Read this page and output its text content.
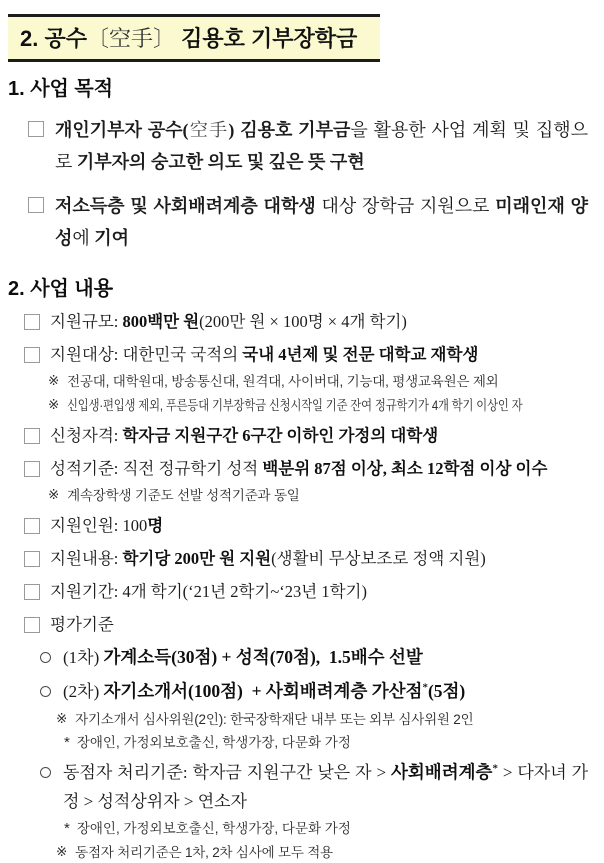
2. 공수〔空手〕 김용호 기부장학금
1. 사업 목적
개인기부자 공수(空手) 김용호 기부금을 활용한 사업 계획 및 집행으로 기부자의 숭고한 의도 및 깊은 뜻 구현
저소득층 및 사회배려계층 대학생 대상 장학금 지원으로 미래인재 양성에 기여
2. 사업 내용
지원규모: 800백만 원(200만 원 × 100명 × 4개 학기)
지원대상: 대한민국 국적의 국내 4년제 및 전문 대학교 재학생
※ 전공대, 대학원대, 방송통신대, 원격대, 사이버대, 기능대, 평생교육원은 제외
※ 신입생·편입생 제외, 푸른등대 기부장학금 신청시작일 기준 잔여 정규학기가 4개 학기 이상인 자
신청자격: 학자금 지원구간 6구간 이하인 가정의 대학생
성적기준: 직전 정규학기 성적 백분위 87점 이상, 최소 12학점 이상 이수
※ 계속장학생 기준도 선발 성적기준과 동일
지원인원: 100명
지원내용: 학기당 200만 원 지원(생활비 무상보조로 정액 지원)
지원기간: 4개 학기(‘21년 2학기~‘23년 1학기)
평가기준
(1차) 가계소득(30점) + 성적(70점),  1.5배수 선발
(2차) 자기소개서(100점)  + 사회배려계층 가산점*(5점)
※ 자기소개서 심사위원(2인): 한국장학재단 내부 또는 외부 심사위원 2인
* 장애인, 가정외보호출신, 학생가장, 다문화 가정
동점자 처리기준: 학자금 지원구간 낮은 자 > 사회배려계층* > 다자녀 가정 > 성적상위자 > 연소자
* 장애인, 가정외보호출신, 학생가장, 다문화 가정
※ 동점자 처리기준은 1차, 2차 심사에 모두 적용
